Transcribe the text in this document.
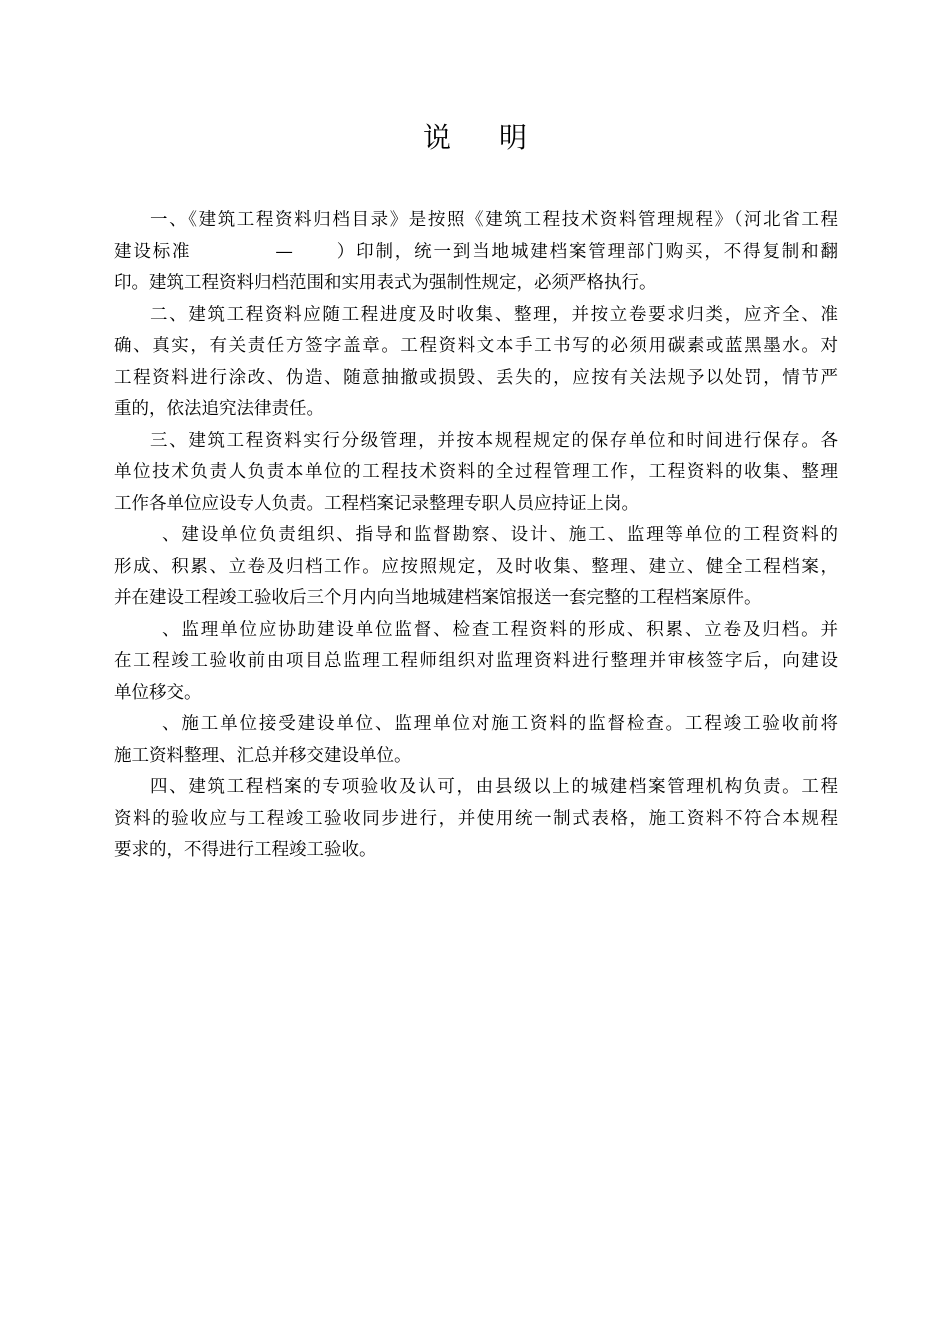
说 明
一、《建筑工程资料归档目录》是按照《建筑工程技术资料管理规程》（河北省工程
建设标准	— ）印制，统一到当地城建档案管理部门购买，不得复制和翻
印。建筑工程资料归档范围和实用表式为强制性规定，必须严格执行。
二、建筑工程资料应随工程进度及时收集、整理，并按立卷要求归类，应齐全、准
确、真实，有关责任方签字盖章。工程资料文本手工书写的必须用碳素或蓝黑墨水。对
工程资料进行涂改、伪造、随意抽撤或损毁、丢失的，应按有关法规予以处罚，情节严
重的，依法追究法律责任。
三、建筑工程资料实行分级管理，并按本规程规定的保存单位和时间进行保存。各
单位技术负责人负责本单位的工程技术资料的全过程管理工作，工程资料的收集、整理
工作各单位应设专人负责。工程档案记录整理专职人员应持证上岗。
、建设单位负责组织、指导和监督勘察、设计、施工、监理等单位的工程资料的
形成、积累、立卷及归档工作。应按照规定，及时收集、整理、建立、健全工程档案，
并在建设工程竣工验收后三个月内向当地城建档案馆报送一套完整的工程档案原件。
、监理单位应协助建设单位监督、检查工程资料的形成、积累、立卷及归档。并
在工程竣工验收前由项目总监理工程师组织对监理资料进行整理并审核签字后，向建设
单位移交。
、施工单位接受建设单位、监理单位对施工资料的监督检查。工程竣工验收前将
施工资料整理、汇总并移交建设单位。
四、建筑工程档案的专项验收及认可，由县级以上的城建档案管理机构负责。工程
资料的验收应与工程竣工验收同步进行，并使用统一制式表格，施工资料不符合本规程
要求的，不得进行工程竣工验收。
